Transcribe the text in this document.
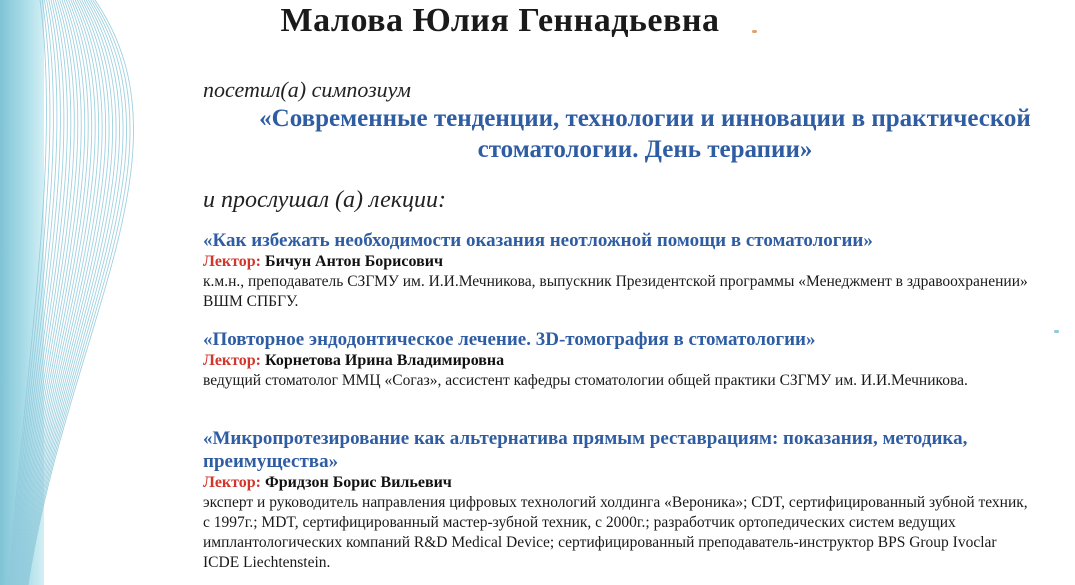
Малова Юлия Геннадьевна
посетил(а) симпозиум
«Современные тенденции, технологии и инновации в практической стоматологии. День терапии»
и прослушал (а) лекции:
«Как избежать необходимости оказания неотложной помощи в стоматологии»
Лектор: Бичун Антон Борисович
к.м.н., преподаватель СЗГМУ им. И.И.Мечникова, выпускник Президентской программы «Менеджмент в здравоохранении» ВШМ СПБГУ.
«Повторное эндодонтическое лечение. 3D-томография в стоматологии»
Лектор: Корнетова Ирина Владимировна
ведущий стоматолог ММЦ «Согаз», ассистент кафедры стоматологии общей практики СЗГМУ им. И.И.Мечникова.
«Микропротезирование как альтернатива прямым реставрациям: показания, методика, преимущества»
Лектор: Фридзон Борис Вильевич
эксперт и руководитель направления цифровых технологий холдинга «Вероника»; CDT, сертифицированный зубной техник, с 1997г.; MDT, сертифицированный мастер-зубной техник, с 2000г.; разработчик ортопедических систем ведущих имплантологических компаний R&D Medical Device; сертифицированный преподаватель-инструктор BPS Group Ivoclar ICDE Liechtenstein.
